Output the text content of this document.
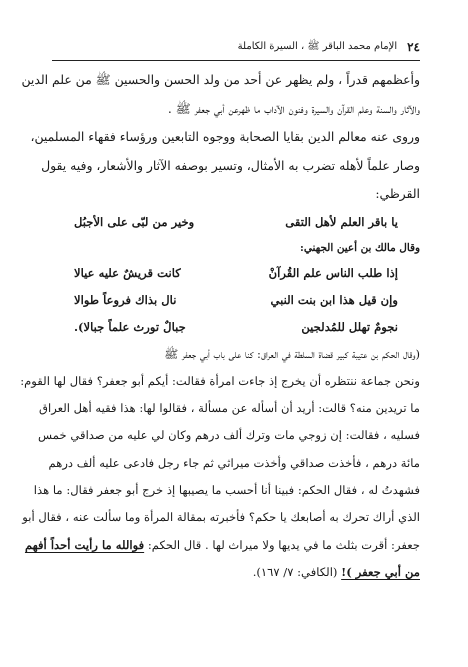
٢٤
الإمام محمد الباقر ﷺ ، السيرة الكاملة

وأعظمهم قدراً ، ولم يظهر عن أحد من ولد الحسن والحسين ﷺ من علم الدين
والآثار والسنة وعلم القرآن والسيرة وفنون الآداب ما ظهرعن أبي جعفر ﷺ .
وروى عنه معالم الدين بقايا الصحابة ووجوه التابعين ورؤساء فقهاء المسلمين،
وصار علماً لأهله تضرب به الأمثال، وتسير بوصفه الآثار والأشعار، وفيه يقول
القرظي:

يا باقر العلم لأهل التقى
وخير من لبّى على الأجبُل

وقال مالك بن أعين الجهني:

إذا طلب الناس علم القُرآنْ
كانت قريشٌ عليه عيالا
وإن قيل هذا ابن بنت النبي
نال بذاك فروعاً طوالا
نجومٌ تهلل للمُدلجين
جبالٌ تورث علماً جبالا).

(وقال الحكم بن عتيبة كبير قضاة السلطة في العراق: كنا على باب أبي جعفر ﷺ
ونحن جماعة ننتظره أن يخرج إذ جاءت امرأة فقالت: أيكم أبو جعفر؟ فقال لها القوم:
ما تريدين منه؟ قالت: أريد أن أسأله عن مسألة ، فقالوا لها: هذا فقيه أهل العراق
فسليه ، فقالت: إن زوجي مات وترك ألف درهم وكان لي عليه من صداقي خمس
مائة درهم ، فأخذت صداقي وأخذت ميراثي ثم جاء رجل فادعى عليه ألف درهم
فشهدتُ له ، فقال الحكم: فبينا أنا أحسب ما يصيبها إذ خرج أبو جعفر فقال: ما هذا
الذي أراك تحرك به أصابعك يا حكم؟ فأخبرته بمقالة المرأة وما سألت عنه ، فقال أبو
جعفر: أقرت بثلث ما في يديها ولا ميراث لها . قال الحكم: فوالله ما رأيت أحداً أفهم
من أبي جعفر )! (الكافي: ٧/ ١٦٧).
